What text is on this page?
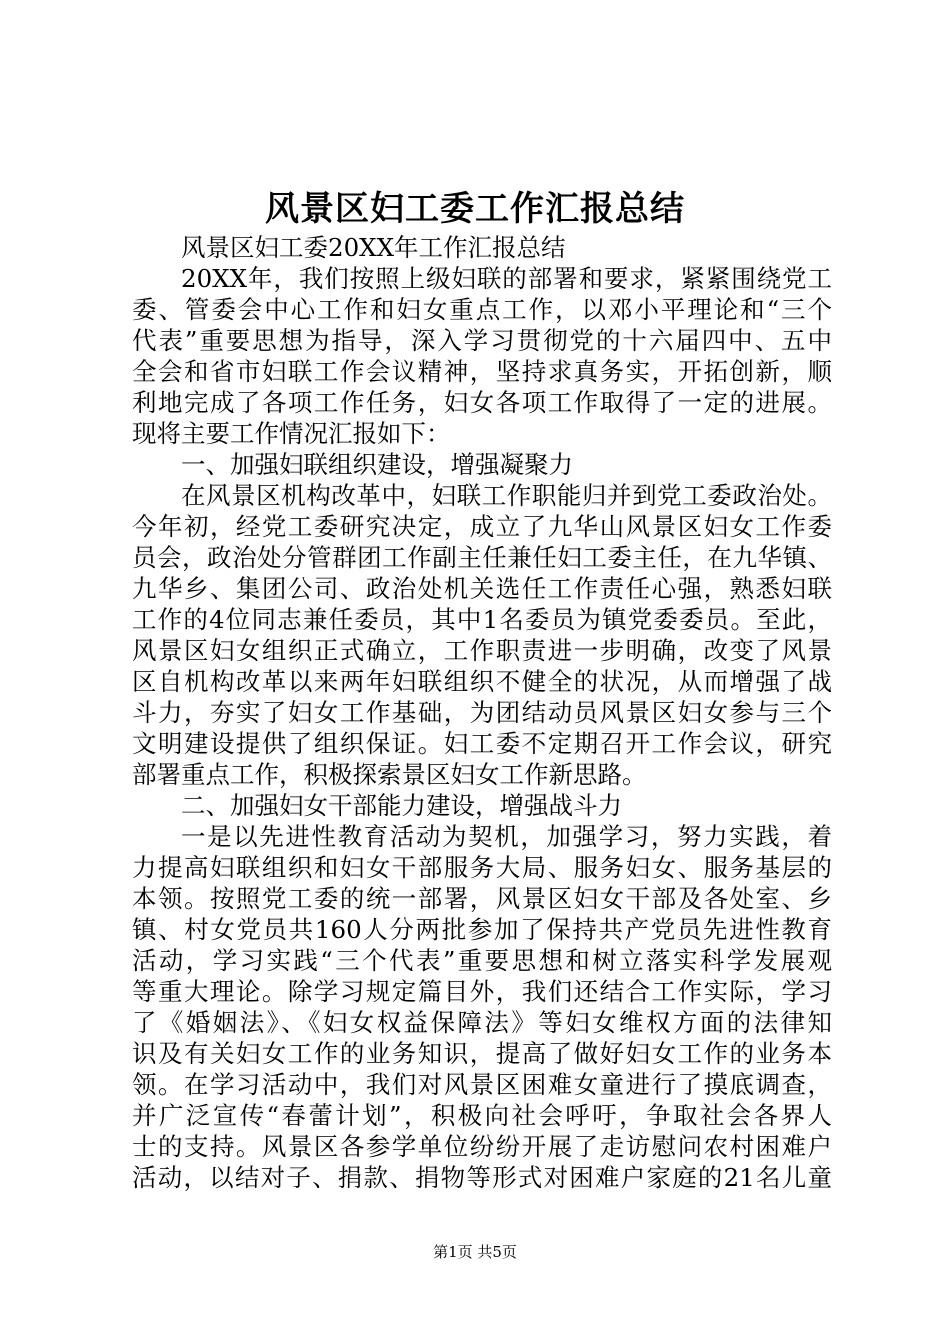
风景区妇工委工作汇报总结
风景区妇工委20XX年工作汇报总结
20XX年，我们按照上级妇联的部署和要求，紧紧围绕党工
委、管委会中心工作和妇女重点工作，以邓小平理论和“三个
代表”重要思想为指导，深入学习贯彻党的十六届四中、五中
全会和省市妇联工作会议精神，坚持求真务实，开拓创新，顺
利地完成了各项工作任务，妇女各项工作取得了一定的进展。
现将主要工作情况汇报如下：
一、加强妇联组织建设，增强凝聚力
在风景区机构改革中，妇联工作职能归并到党工委政治处。
今年初，经党工委研究决定，成立了九华山风景区妇女工作委
员会，政治处分管群团工作副主任兼任妇工委主任，在九华镇、
九华乡、集团公司、政治处机关选任工作责任心强，熟悉妇联
工作的4位同志兼任委员，其中1名委员为镇党委委员。至此，
风景区妇女组织正式确立，工作职责进一步明确，改变了风景
区自机构改革以来两年妇联组织不健全的状况，从而增强了战
斗力，夯实了妇女工作基础，为团结动员风景区妇女参与三个
文明建设提供了组织保证。妇工委不定期召开工作会议，研究
部署重点工作，积极探索景区妇女工作新思路。
二、加强妇女干部能力建设，增强战斗力
一是以先进性教育活动为契机，加强学习，努力实践，着
力提高妇联组织和妇女干部服务大局、服务妇女、服务基层的
本领。按照党工委的统一部署，风景区妇女干部及各处室、乡
镇、村女党员共160人分两批参加了保持共产党员先进性教育
活动，学习实践“三个代表”重要思想和树立落实科学发展观
等重大理论。除学习规定篇目外，我们还结合工作实际，学习
了《婚姻法》、《妇女权益保障法》等妇女维权方面的法律知
识及有关妇女工作的业务知识，提高了做好妇女工作的业务本
领。在学习活动中，我们对风景区困难女童进行了摸底调查，
并广泛宣传“春蕾计划”，积极向社会呼吁，争取社会各界人
士的支持。风景区各参学单位纷纷开展了走访慰问农村困难户
活动，以结对子、捐款、捐物等形式对困难户家庭的21名儿童
第1页 共5页
